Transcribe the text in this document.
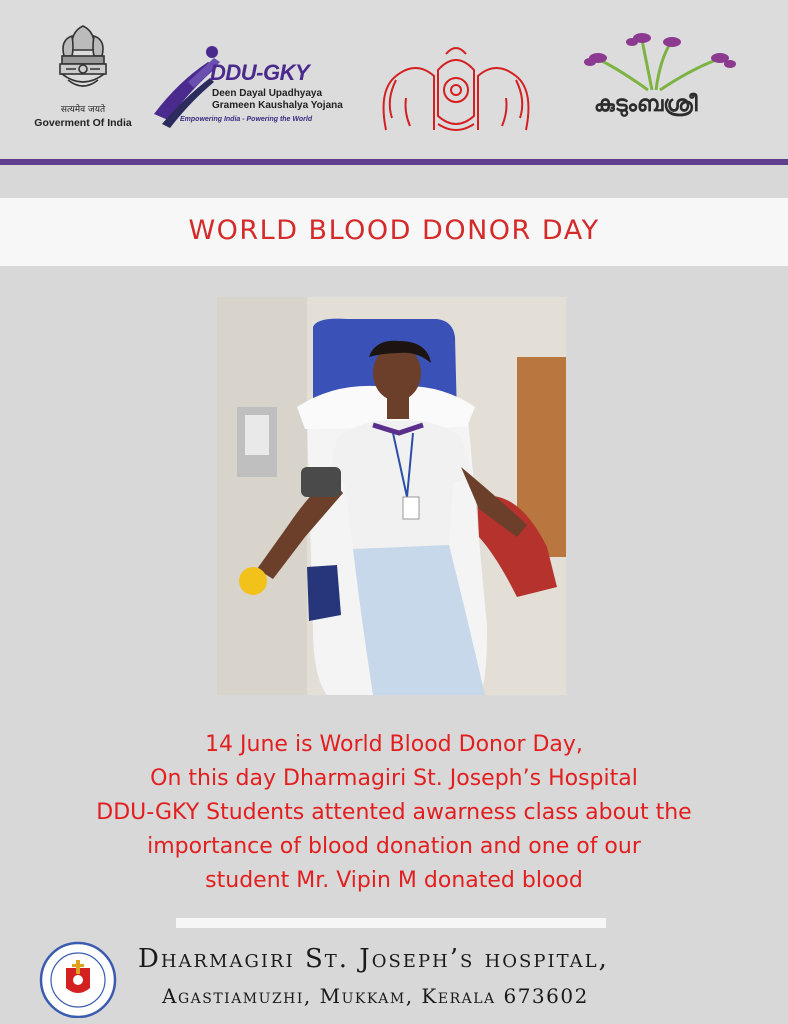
सत्यमेव जयते
Goverment Of India
DDU-GKY
Deen Dayal Upadhyaya
Grameen Kaushalya Yojana
Empowering India - Powering the World
കുടുംബശ്രീ
WORLD BLOOD DONOR DAY
14 June is World Blood Donor Day,
On this day Dharmagiri St. Joseph’s Hospital
DDU-GKY Students attented awarness class about the
importance of blood donation and one of our
student Mr. Vipin M donated blood
Dharmagiri St. Joseph’s hospital,
Agastiamuzhi, Mukkam, Kerala 673602
